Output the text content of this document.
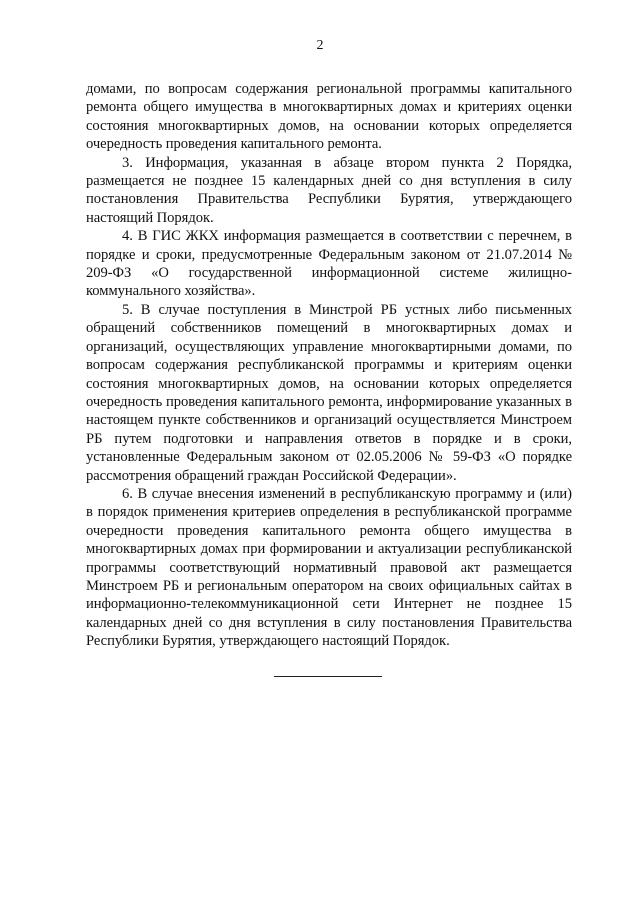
2

домами, по вопросам содержания региональной программы капитального ремонта общего имущества в многоквартирных домах и критериях оценки состояния многоквартирных домов, на основании которых определяется очередность проведения капитального ремонта.

3. Информация, указанная в абзаце втором пункта 2 Порядка, размещается не позднее 15 календарных дней со дня вступления в силу постановления Правительства Республики Бурятия, утверждающего настоящий Порядок.

4. В ГИС ЖКХ информация размещается в соответствии с перечнем, в порядке и сроки, предусмотренные Федеральным законом от 21.07.2014 № 209-ФЗ «О государственной информационной системе жилищно-коммунального хозяйства».

5. В случае поступления в Минстрой РБ устных либо письменных обращений собственников помещений в многоквартирных домах и организаций, осуществляющих управление многоквартирными домами, по вопросам содержания республиканской программы и критериям оценки состояния многоквартирных домов, на основании которых определяется очередность проведения капитального ремонта, информирование указанных в настоящем пункте собственников и организаций осуществляется Минстроем РБ путем подготовки и направления ответов в порядке и в сроки, установленные Федеральным законом от 02.05.2006 № 59-ФЗ «О порядке рассмотрения обращений граждан Российской Федерации».

6. В случае внесения изменений в республиканскую программу и (или) в порядок применения критериев определения в республиканской программе очередности проведения капитального ремонта общего имущества в многоквартирных домах при формировании и актуализации республиканской программы соответствующий нормативный правовой акт размещается Минстроем РБ и региональным оператором на своих официальных сайтах в информационно-телекоммуникационной сети Интернет не позднее 15 календарных дней со дня вступления в силу постановления Правительства Республики Бурятия, утверждающего настоящий Порядок.
